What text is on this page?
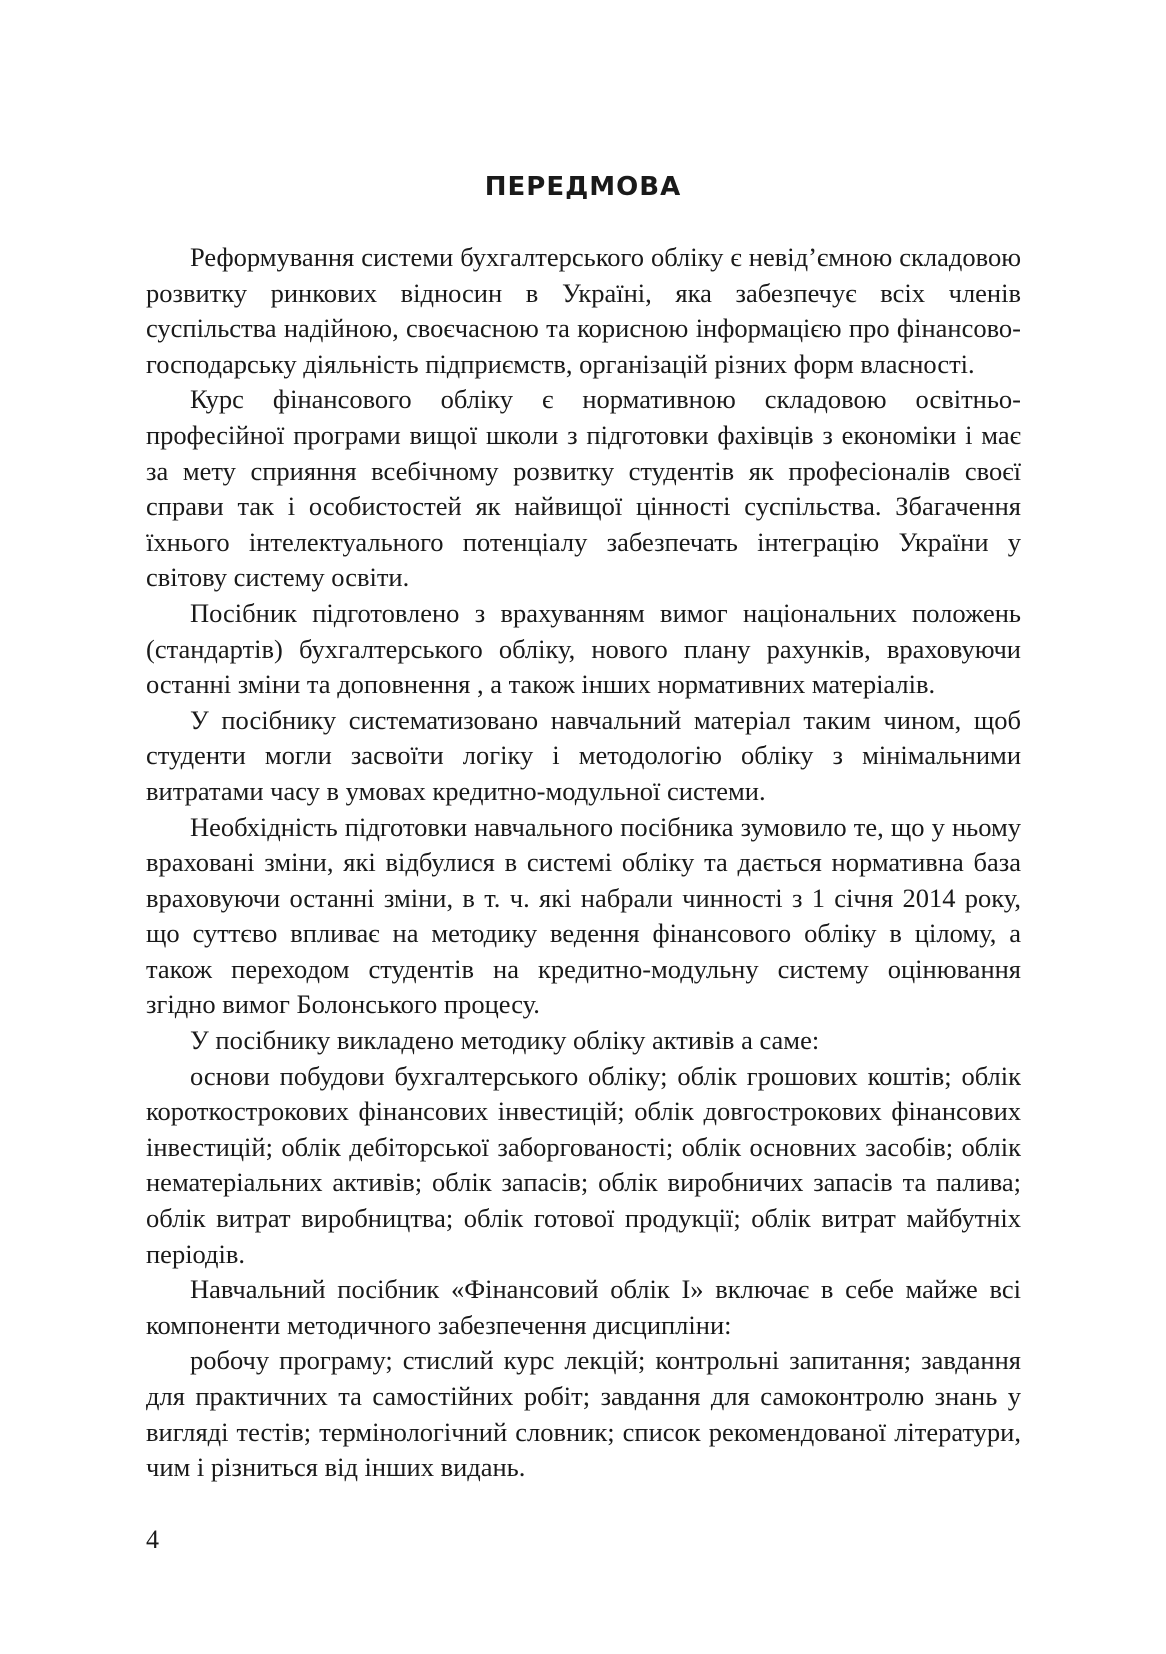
ПЕРЕДМОВА

Реформування системи бухгалтерського обліку є невід’ємною складовою розвитку ринкових відносин в Україні, яка забезпечує всіх членів суспільства надійною, своєчасною та корисною інформацією про фінансово-господарську діяльність підприємств, організацій різних форм власності.

Курс фінансового обліку є нормативною складовою освітньо-професійної програми вищої школи з підготовки фахівців з економіки і має за мету сприяння всебічному розвитку студентів як професіоналів своєї справи так і особистостей як найвищої цінності суспільства. Збагачення їхнього інтелектуального потенціалу забезпечать інтеграцію України у світову систему освіти.

Посібник підготовлено з врахуванням вимог національних положень (стандартів) бухгалтерського обліку, нового плану рахунків, враховуючи останні зміни та доповнення , а також інших нормативних матеріалів.

У посібнику систематизовано навчальний матеріал таким чином, щоб студенти могли засвоїти логіку і методологію обліку з мінімальними витратами часу в умовах кредитно-модульної системи.

Необхідність підготовки навчального посібника зумовило те, що у ньому враховані зміни, які відбулися в системі обліку та дається нормативна база враховуючи останні зміни, в т. ч. які набрали чинності з 1 січня 2014 року, що суттєво впливає на методику ведення фінансового обліку в цілому, а також переходом студентів на кредитно-модульну систему оцінювання згідно вимог Болонського процесу.

У посібнику викладено методику обліку активів а саме:

основи побудови бухгалтерського обліку; облік грошових коштів; облік короткострокових фінансових інвестицій; облік довгострокових фінансових інвестицій; облік дебіторської заборгованості; облік основних засобів; облік нематеріальних активів; облік запасів; облік виробничих запасів та палива; облік витрат виробництва; облік готової продукції; облік витрат майбутніх періодів.

Навчальний посібник «Фінансовий облік І» включає в себе майже всі компоненти методичного забезпечення дисципліни:

робочу програму; стислий курс лекцій; контрольні запитання; завдання для практичних та самостійних робіт; завдання для самоконтролю знань у вигляді тестів; термінологічний словник; список рекомендованої літератури, чим і різниться від інших видань.

4
